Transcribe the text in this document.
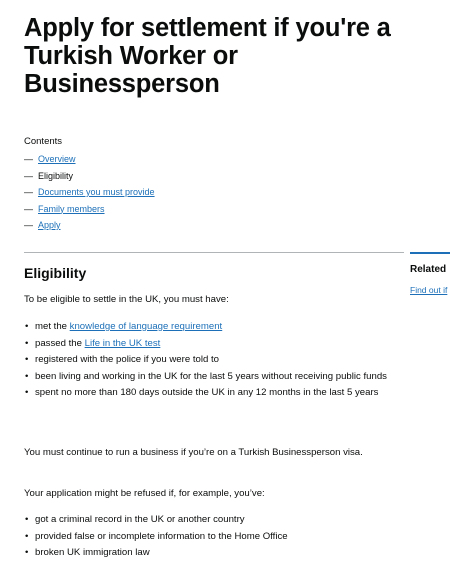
Apply for settlement if you're a Turkish Worker or Businessperson
Contents
— Overview
— Eligibility
— Documents you must provide
— Family members
— Apply
Related
Find out if
Eligibility

To be eligible to settle in the UK, you must have:

• met the knowledge of language requirement
• passed the Life in the UK test
• registered with the police if you were told to
• been living and working in the UK for the last 5 years without receiving public funds
• spent no more than 180 days outside the UK in any 12 months in the last 5 years

You must continue to run a business if you’re on a Turkish Businessperson visa.

Your application might be refused if, for example, you’ve:

• got a criminal record in the UK or another country
• provided false or incomplete information to the Home Office
• broken UK immigration law
